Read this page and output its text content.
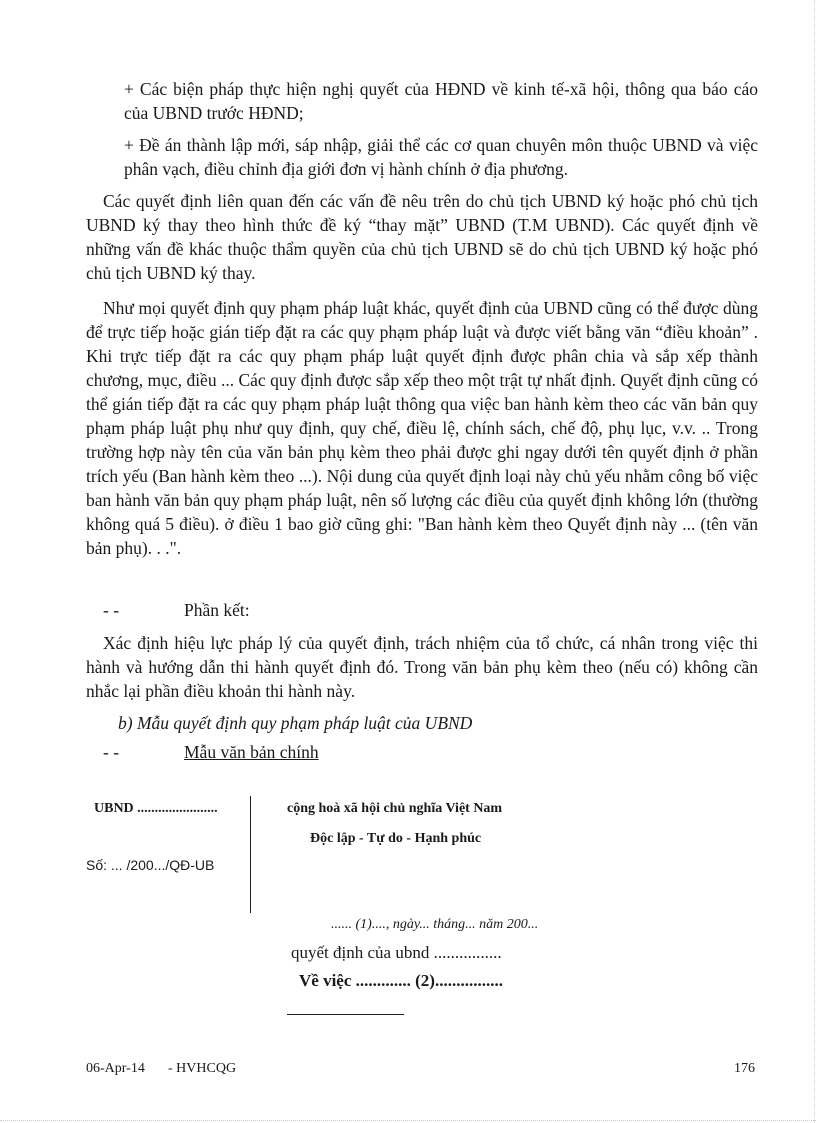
+ Các biện pháp thực hiện nghị quyết của HĐND về kinh tế-xã hội, thông qua báo cáo của UBND trước HĐND;
+ Đề án thành lập mới, sáp nhập, giải thể các cơ quan chuyên môn thuộc UBND và việc phân vạch, điều chỉnh địa giới đơn vị hành chính ở địa phương.
Các quyết định liên quan đến các vấn đề nêu trên do chủ tịch UBND ký hoặc phó chủ tịch UBND ký thay theo hình thức đề ký “thay mặt” UBND (T.M UBND). Các quyết định về những vấn đề khác thuộc thẩm quyền của chủ tịch UBND sẽ do chủ tịch UBND ký hoặc phó chủ tịch UBND ký thay.
Như mọi quyết định quy phạm pháp luật khác, quyết định của UBND cũng có thể được dùng để trực tiếp hoặc gián tiếp đặt ra các quy phạm pháp luật và được viết bằng văn “điều khoản” . Khi trực tiếp đặt ra các quy phạm pháp luật quyết định được phân chia và sắp xếp thành chương, mục, điều ... Các quy định được sắp xếp theo một trật tự nhất định. Quyết định cũng có thể gián tiếp đặt ra các quy phạm pháp luật thông qua việc ban hành kèm theo các văn bản quy phạm pháp luật phụ như quy định, quy chế, điều lệ, chính sách, chế độ, phụ lục, v.v. .. Trong trường hợp này tên của văn bản phụ kèm theo phải được ghi ngay dưới tên quyết định ở phần trích yếu (Ban hành kèm theo ...). Nội dung của quyết định loại này chủ yếu nhằm công bố việc ban hành văn bản quy phạm pháp luật, nên số lượng các điều của quyết định không lớn (thường không quá 5 điều). ở điều 1 bao giờ cũng ghi: "Ban hành kèm theo Quyết định này ... (tên văn bản phụ). . .".
- -	Phần kết:
Xác định hiệu lực pháp lý của quyết định, trách nhiệm của tổ chức, cá nhân trong việc thi hành và hướng dẫn thi hành quyết định đó. Trong văn bản phụ kèm theo (nếu có) không cần nhắc lại phần điều khoản thi hành này.
b) Mẫu quyết định quy phạm pháp luật của UBND
- -	Mẫu văn bản chính
UBND .......................
Số: ... /200.../QĐ-UB
cộng hoà xã hội chủ nghĩa Việt Nam
Độc lập - Tự do - Hạnh phúc
...... (1)...., ngày... tháng... năm 200...
quyết định của ubnd ................
Về việc ............. (2)................
06-Apr-14 - HVHCQG	176
